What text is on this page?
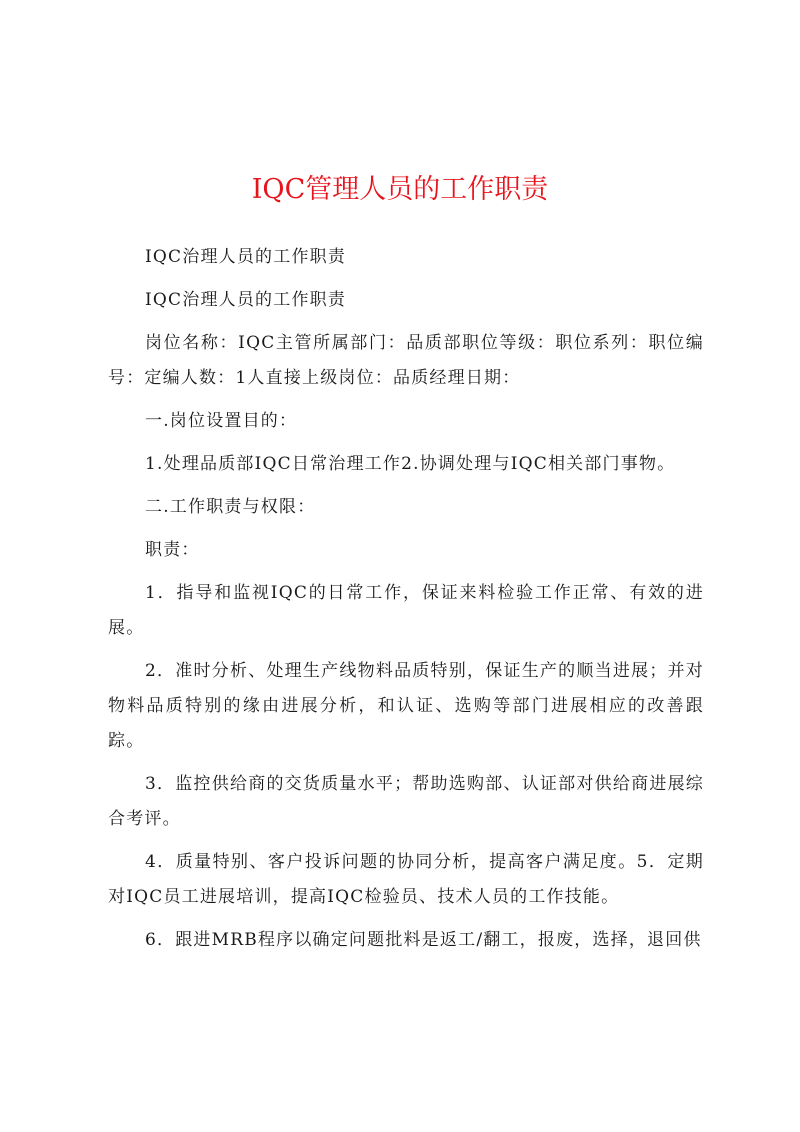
IQC管理人员的工作职责

IQC治理人员的工作职责

IQC治理人员的工作职责

岗位名称：IQC主管所属部门：品质部职位等级：职位系列：职位编号：定编人数：1人直接上级岗位：品质经理日期：

一.岗位设置目的：

1.处理品质部IQC日常治理工作2.协调处理与IQC相关部门事物。

二.工作职责与权限：

职责：

1．指导和监视IQC的日常工作，保证来料检验工作正常、有效的进展。

2．准时分析、处理生产线物料品质特别，保证生产的顺当进展；并对物料品质特别的缘由进展分析，和认证、选购等部门进展相应的改善跟踪。

3．监控供给商的交货质量水平；帮助选购部、认证部对供给商进展综合考评。

4．质量特别、客户投诉问题的协同分析，提高客户满足度。5．定期对IQC员工进展培训，提高IQC检验员、技术人员的工作技能。

6．跟进MRB程序以确定问题批料是返工/翻工，报废，选择，退回供
